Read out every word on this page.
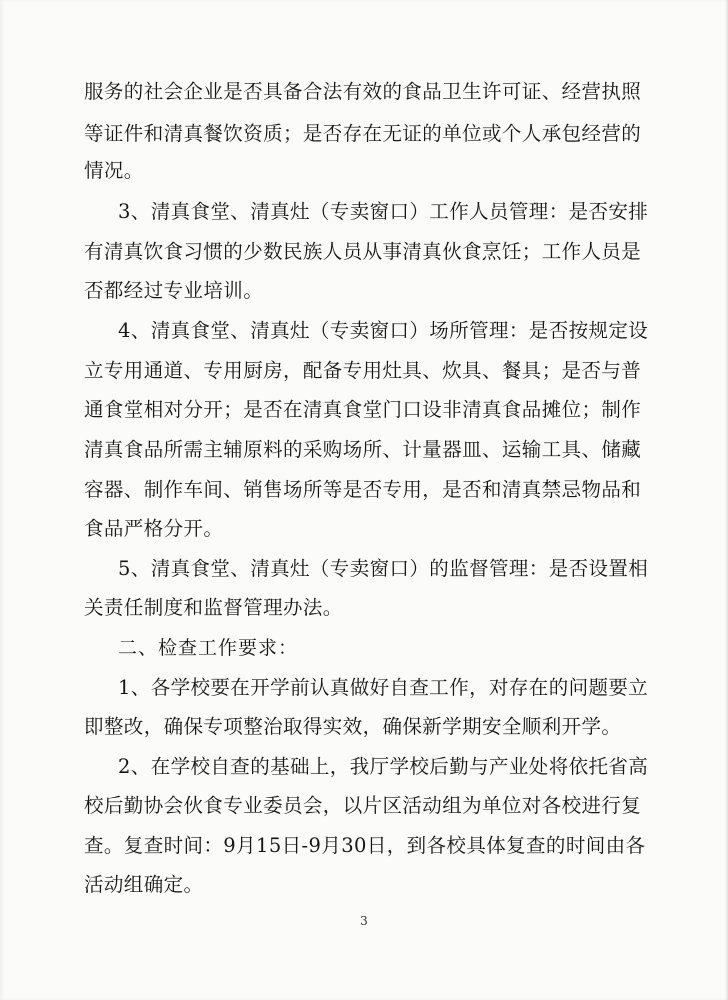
服务的社会企业是否具备合法有效的食品卫生许可证、经营执照
等证件和清真餐饮资质；是否存在无证的单位或个人承包经营的
情况。
3、清真食堂、清真灶（专卖窗口）工作人员管理：是否安排
有清真饮食习惯的少数民族人员从事清真伙食烹饪；工作人员是
否都经过专业培训。
4、清真食堂、清真灶（专卖窗口）场所管理：是否按规定设
立专用通道、专用厨房，配备专用灶具、炊具、餐具；是否与普
通食堂相对分开；是否在清真食堂门口设非清真食品摊位；制作
清真食品所需主辅原料的采购场所、计量器皿、运输工具、储藏
容器、制作车间、销售场所等是否专用，是否和清真禁忌物品和
食品严格分开。
5、清真食堂、清真灶（专卖窗口）的监督管理：是否设置相
关责任制度和监督管理办法。
二、检查工作要求：
1、各学校要在开学前认真做好自查工作，对存在的问题要立
即整改，确保专项整治取得实效，确保新学期安全顺利开学。
2、在学校自查的基础上，我厅学校后勤与产业处将依托省高
校后勤协会伙食专业委员会，以片区活动组为单位对各校进行复
查。复查时间：9月15日-9月30日，到各校具体复查的时间由各
活动组确定。
3
